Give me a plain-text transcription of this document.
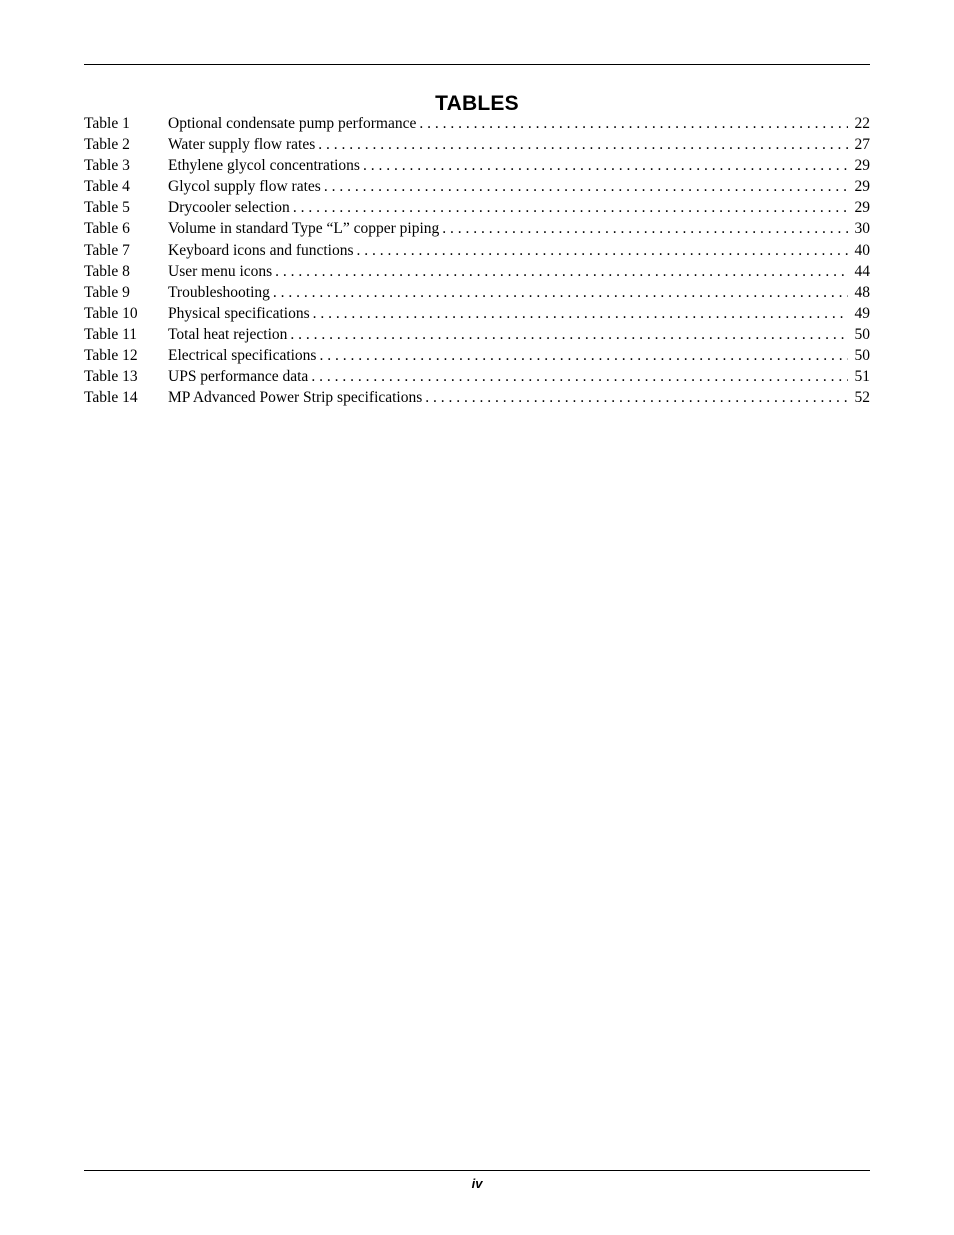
TABLES
Table 1	Optional condensate pump performance . . .	22
Table 2	Water supply flow rates . . .	27
Table 3	Ethylene glycol concentrations . . .	29
Table 4	Glycol supply flow rates . . .	29
Table 5	Drycooler selection . . .	29
Table 6	Volume in standard Type “L” copper piping . . .	30
Table 7	Keyboard icons and functions . . .	40
Table 8	User menu icons . . .	44
Table 9	Troubleshooting . . .	48
Table 10	Physical specifications . . .	49
Table 11	Total heat rejection . . .	50
Table 12	Electrical specifications . . .	50
Table 13	UPS performance data . . .	51
Table 14	MP Advanced Power Strip specifications . . .	52
iv
